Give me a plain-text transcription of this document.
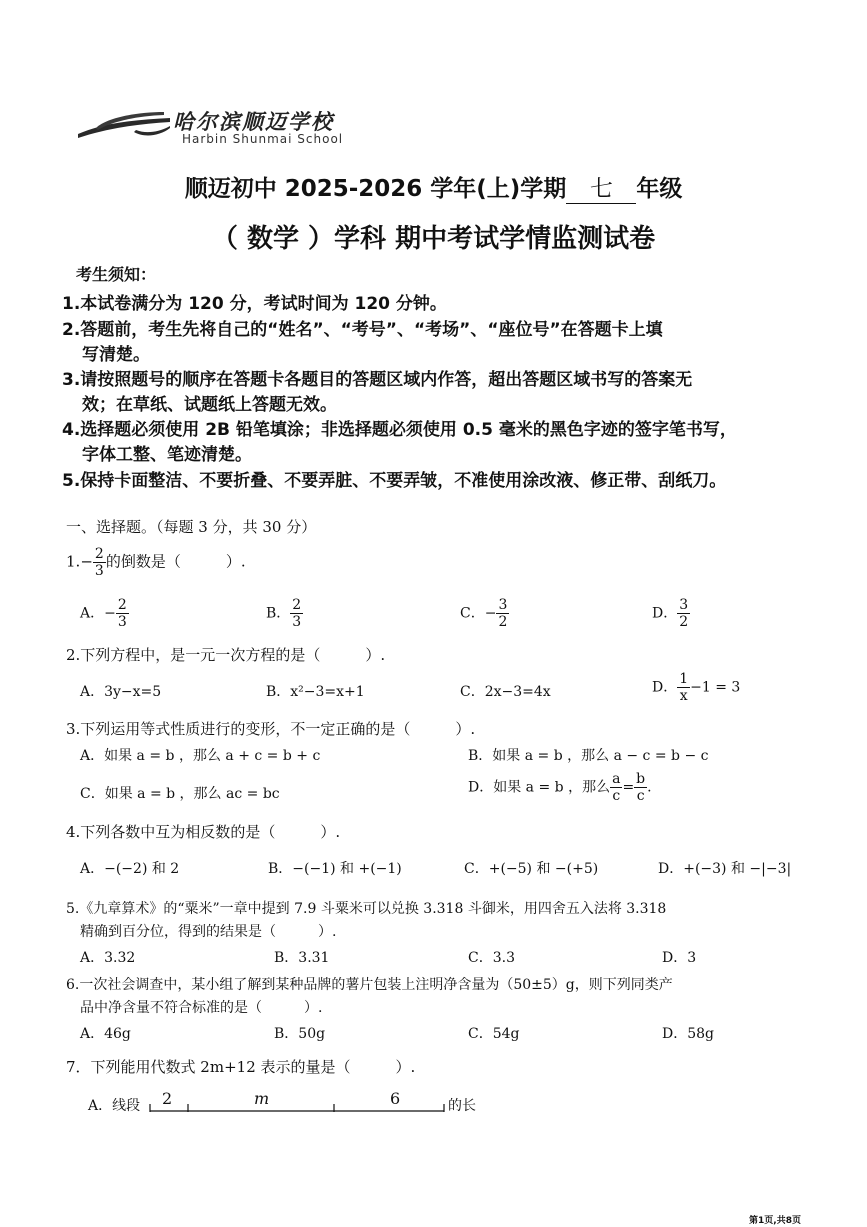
哈尔滨顺迈学校
Harbin Shunmai School
顺迈初中 2025-2026 学年(上)学期 七 年级
（ 数学 ）学科 期中考试学情监测试卷
考生须知：
1.本试卷满分为 120 分，考试时间为 120 分钟。
2.答题前，考生先将自己的“姓名”、“考号”、“考场”、“座位号”在答题卡上填
写清楚。
3.请按照题号的顺序在答题卡各题目的答题区域内作答，超出答题区域书写的答案无
效；在草纸、试题纸上答题无效。
4.选择题必须使用 2B 铅笔填涂；非选择题必须使用 0.5 毫米的黑色字迹的签字笔书写，
字体工整、笔迹清楚。
5.保持卡面整洁、不要折叠、不要弄脏、不要弄皱，不准使用涂改液、修正带、刮纸刀。
一、选择题。（每题 3 分，共 30 分）
$1.- \frac{2}{3}$ 的倒数是（　　　）.
A．− $\frac{2}{3}$	B． $\frac{2}{3}$	C．− $\frac{3}{2}$	D． $\frac{3}{2}$
2.下列方程中，是一元一次方程的是（　　　）.
A．3y−x=5	B．x²−3=x+1	C．2x−3=4x	D． $\frac{1}{x} -1 = 3$
3.下列运用等式性质进行的变形，不一定正确的是（　　　）.
A．如果 a = b ，那么 a + c = b + c	B．如果 a = b ，那么 a − c = b − c
C．如果 a = b ，那么 ac = bc	D．如果 a = b ，那么 $\frac{a}{c} = \frac{b}{c}$ .
4.下列各数中互为相反数的是（　　　）.
A．−(−2) 和 2	B．−(−1) 和 +(−1)	C．+(−5) 和 −(+5)	D．+(−3) 和 −|−3|
5.《九章算术》的“粟米”一章中提到 7.9 斗粟米可以兑换 3.318 斗御米，用四舍五入法将 3.318
精确到百分位，得到的结果是（　　　）.
A．3.32	B．3.31	C．3.3	D．3
6.一次社会调查中，某小组了解到某种品牌的薯片包装上注明净含量为（50±5）g，则下列同类产
品中净含量不符合标准的是（　　　）.
A．46g	B．50g	C．54g	D．58g
7．下列能用代数式 2m+12 表示的量是（　　　）.
A．线段 2	m	6	的长
第1页,共8页
